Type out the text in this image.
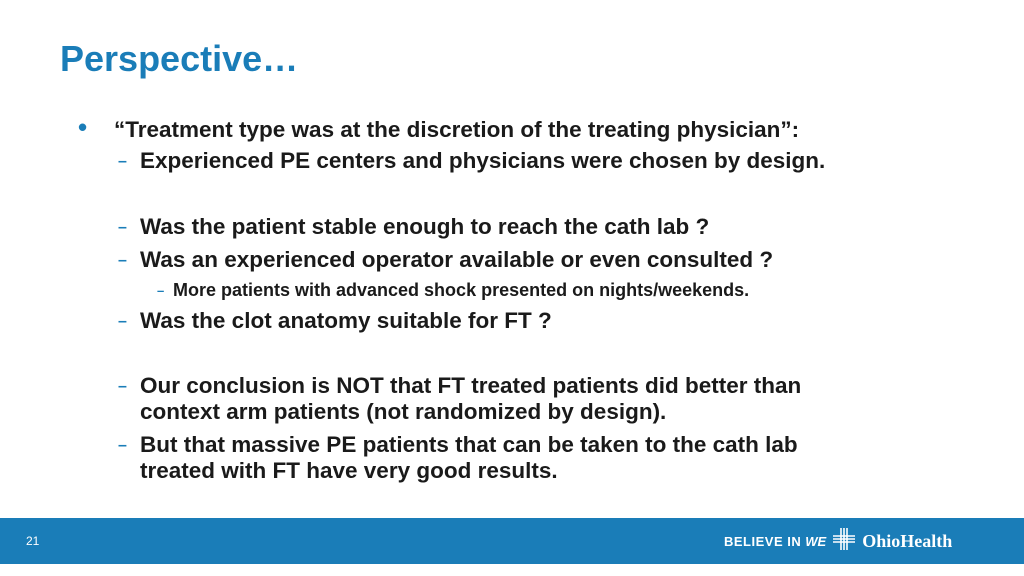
Perspective…
• “Treatment type was at the discretion of the treating physician”:
– Experienced PE centers and physicians were chosen by design.
– Was the patient stable enough to reach the cath lab ?
– Was an experienced operator available or even consulted ?
– More patients with advanced shock presented on nights/weekends.
– Was the clot anatomy suitable for FT ?
– Our conclusion is NOT that FT treated patients did better than
context arm patients (not randomized by design).
– But that massive PE patients that can be taken to the cath lab
treated with FT have very good results.
21	BELIEVE IN WE OhioHealth
